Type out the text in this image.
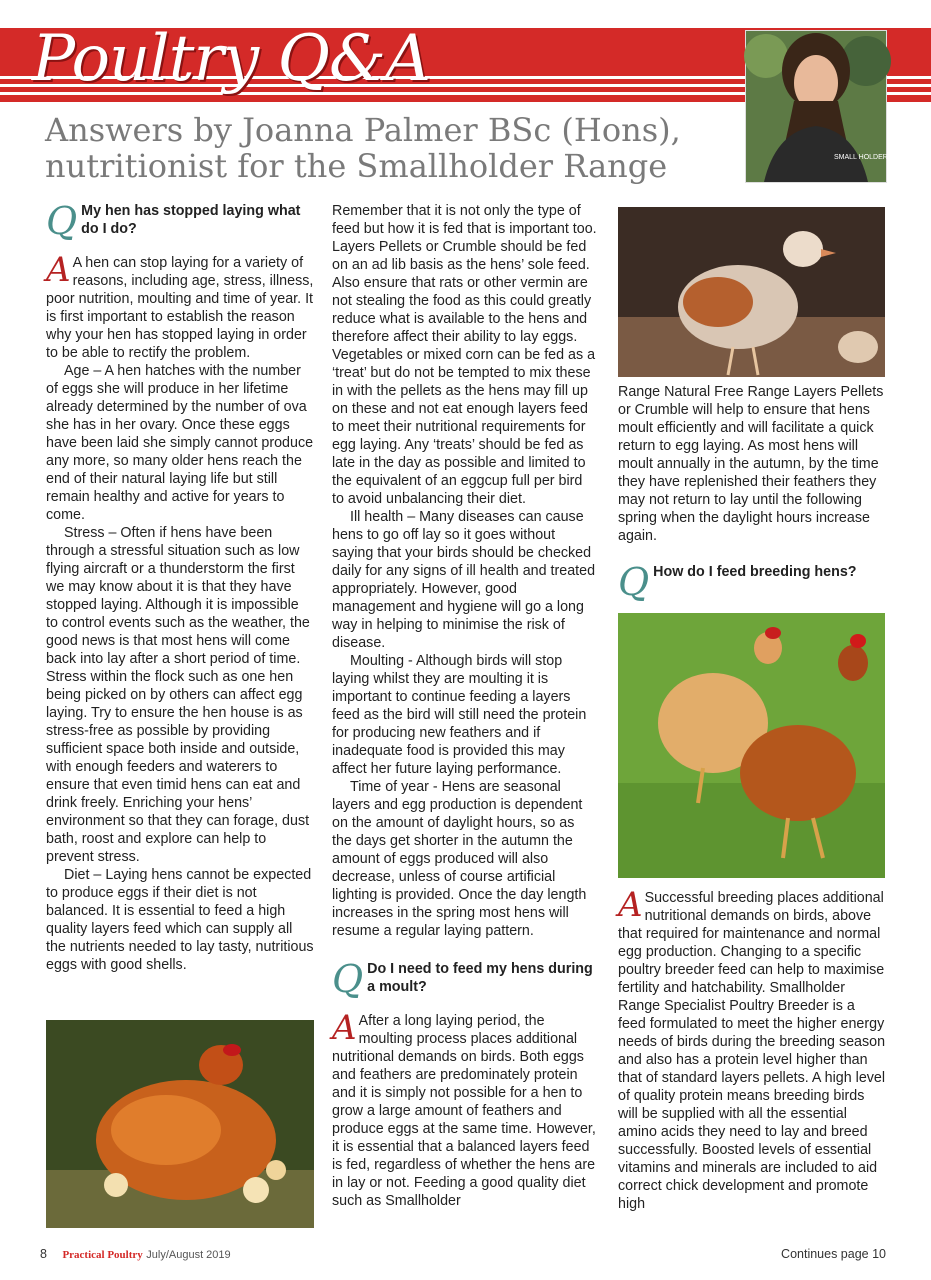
Poultry Q&A
SMALL HOLDER RANGE
Answers by Joanna Palmer BSc (Hons),
nutritionist for the Smallholder Range
Q My hen has stopped laying what do I do?

A A hen can stop laying for a variety of reasons, including age, stress, illness, poor nutrition, moulting and time of year. It is first important to establish the reason why your hen has stopped laying in order to be able to rectify the problem.

Age – A hen hatches with the number of eggs she will produce in her lifetime already determined by the number of ova she has in her ovary. Once these eggs have been laid she simply cannot produce any more, so many older hens reach the end of their natural laying life but still remain healthy and active for years to come.

Stress – Often if hens have been through a stressful situation such as low flying aircraft or a thunderstorm the first we may know about it is that they have stopped laying. Although it is impossible to control events such as the weather, the good news is that most hens will come back into lay after a short period of time. Stress within the flock such as one hen being picked on by others can affect egg laying. Try to ensure the hen house is as stress-free as possible by providing sufficient space both inside and outside, with enough feeders and waterers to ensure that even timid hens can eat and drink freely. Enriching your hens’ environment so that they can forage, dust bath, roost and explore can help to prevent stress.

Diet – Laying hens cannot be expected to produce eggs if their diet is not balanced. It is essential to feed a high quality layers feed which can supply all the nutrients needed to lay tasty, nutritious eggs with good shells.

Remember that it is not only the type of feed but how it is fed that is important too. Layers Pellets or Crumble should be fed on an ad lib basis as the hens’ sole feed. Also ensure that rats or other vermin are not stealing the food as this could greatly reduce what is available to the hens and therefore affect their ability to lay eggs. Vegetables or mixed corn can be fed as a ‘treat’ but do not be tempted to mix these in with the pellets as the hens may fill up on these and not eat enough layers feed to meet their nutritional requirements for egg laying. Any ‘treats’ should be fed as late in the day as possible and limited to the equivalent of an eggcup full per bird to avoid unbalancing their diet.

Ill health – Many diseases can cause hens to go off lay so it goes without saying that your birds should be checked daily for any signs of ill health and treated appropriately. However, good management and hygiene will go a long way in helping to minimise the risk of disease.

Moulting - Although birds will stop laying whilst they are moulting it is important to continue feeding a layers feed as the bird will still need the protein for producing new feathers and if inadequate food is provided this may affect her future laying performance.

Time of year - Hens are seasonal layers and egg production is dependent on the amount of daylight hours, so as the days get shorter in the autumn the amount of eggs produced will also decrease, unless of course artificial lighting is provided. Once the day length increases in the spring most hens will resume a regular laying pattern.

Q Do I need to feed my hens during a moult?

A After a long laying period, the moulting process places additional nutritional demands on birds. Both eggs and feathers are predominately protein and it is simply not possible for a hen to grow a large amount of feathers and produce eggs at the same time. However, it is essential that a balanced layers feed is fed, regardless of whether the hens are in lay or not. Feeding a good quality diet such as Smallholder

Range Natural Free Range Layers Pellets or Crumble will help to ensure that hens moult efficiently and will facilitate a quick return to egg laying. As most hens will moult annually in the autumn, by the time they have replenished their feathers they may not return to lay until the following spring when the daylight hours increase again.

Q How do I feed breeding hens?

A Successful breeding places additional nutritional demands on birds, above that required for maintenance and normal egg production. Changing to a specific poultry breeder feed can help to maximise fertility and hatchability. Smallholder Range Specialist Poultry Breeder is a feed formulated to meet the higher energy needs of birds during the breeding season and also has a protein level higher than that of standard layers pellets. A high level of quality protein means breeding birds will be supplied with all the essential amino acids they need to lay and breed successfully. Boosted levels of essential vitamins and minerals are included to aid correct chick development and promote high

8 Practical Poultry July/August 2019	Continues page 10
